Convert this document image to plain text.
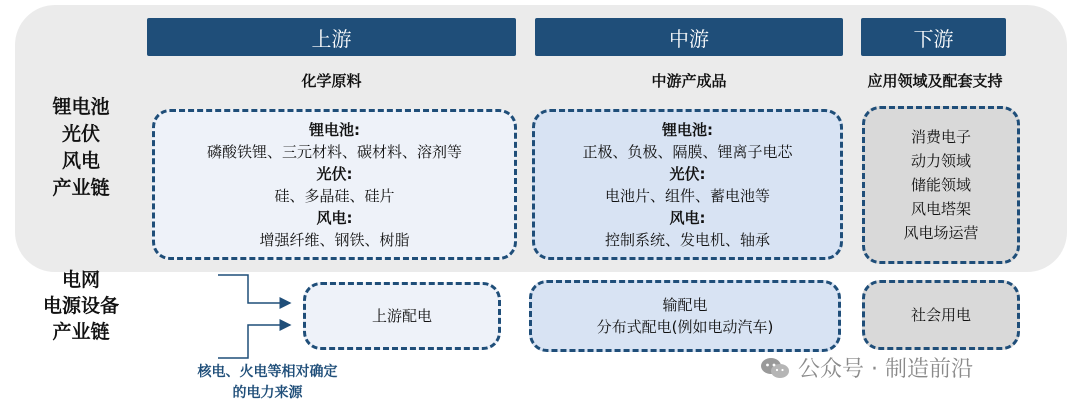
上游	中游	下游
化学原料	中游产成品	应用领域及配套支持
锂电池
光伏
风电
产业链
电网
电源设备
产业链
锂电池:
磷酸铁锂、三元材料、碳材料、溶剂等
光伏:
硅、多晶硅、硅片
风电:
增强纤维、钢铁、树脂
锂电池:
正极、负极、隔膜、锂离子电芯
光伏:
电池片、组件、蓄电池等
风电:
控制系统、发电机、轴承
消费电子
动力领域
储能领域
风电塔架
风电场运营
上游配电
输配电
分布式配电(例如电动汽车)
社会用电
核电、火电等相对确定
的电力来源
公众号 · 制造前沿
